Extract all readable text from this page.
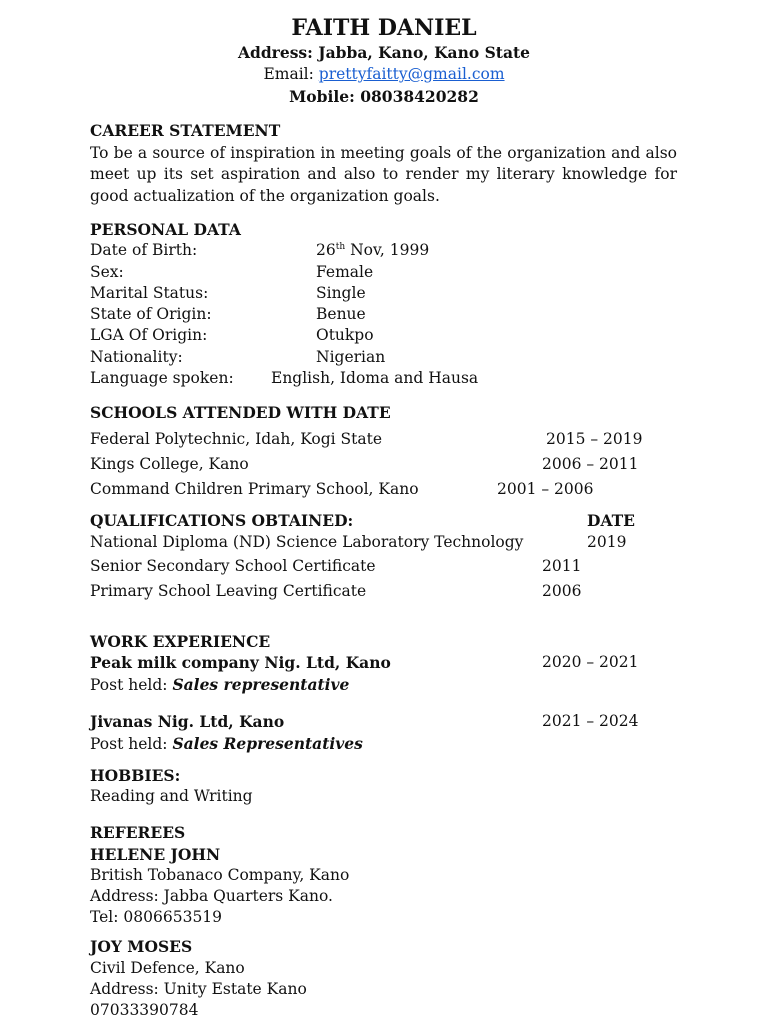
FAITH DANIEL
Address: Jabba, Kano, Kano State
Email: prettyfaitty@gmail.com
Mobile: 08038420282
CAREER STATEMENT
To be a source of inspiration in meeting goals of the organization and also meet up its set aspiration and also to render my literary knowledge for good actualization of the organization goals.
PERSONAL DATA
Date of Birth:	26th Nov, 1999
Sex:	Female
Marital Status:	Single
State of Origin:	Benue
LGA Of Origin:	Otukpo
Nationality:	Nigerian
Language spoken: English, Idoma and Hausa
SCHOOLS ATTENDED WITH DATE
Federal Polytechnic, Idah, Kogi State	2015 – 2019
Kings College, Kano	2006 – 2011
Command Children Primary School, Kano	2001 – 2006
QUALIFICATIONS OBTAINED:	DATE
National Diploma (ND) Science Laboratory Technology	2019
Senior Secondary School Certificate	2011
Primary School Leaving Certificate	2006
WORK EXPERIENCE
Peak milk company Nig. Ltd, Kano	2020 – 2021
Post held: Sales representative
Jivanas Nig. Ltd, Kano	2021 – 2024
Post held: Sales Representatives
HOBBIES:
Reading and Writing
REFEREES
HELENE JOHN
British Tobanaco Company, Kano
Address: Jabba Quarters Kano.
Tel: 0806653519
JOY MOSES
Civil Defence, Kano
Address: Unity Estate Kano
07033390784
